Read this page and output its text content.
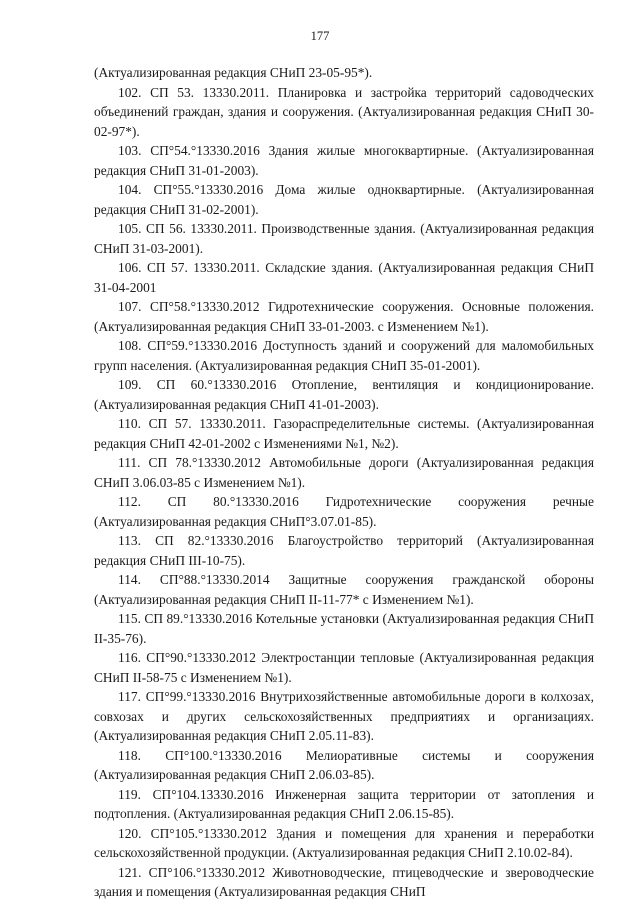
177

(Актуализированная редакция СНиП 23-05-95*).

102. СП 53. 13330.2011. Планировка и застройка территорий садоводческих объединений граждан, здания и сооружения. (Актуализированная редакция СНиП 30-02-97*).

103. СП°54.°13330.2016 Здания жилые многоквартирные. (Актуализированная редакция СНиП 31-01-2003).

104. СП°55.°13330.2016 Дома жилые одноквартирные. (Актуализированная редакция СНиП 31-02-2001).

105. СП 56. 13330.2011. Производственные здания. (Актуализированная редакция СНиП 31-03-2001).

106. СП 57. 13330.2011. Складские здания. (Актуализированная редакция СНиП 31-04-2001

107. СП°58.°13330.2012 Гидротехнические сооружения. Основные положения. (Актуализированная редакция СНиП 33-01-2003. с Изменением №1).

108. СП°59.°13330.2016 Доступность зданий и сооружений для маломобильных групп населения. (Актуализированная редакция СНиП 35-01-2001).

109. СП 60.°13330.2016 Отопление, вентиляция и кондиционирование. (Актуализированная редакция СНиП 41-01-2003).

110. СП 57. 13330.2011. Газораспределительные системы. (Актуализированная редакция СНиП 42-01-2002 с Изменениями №1, №2).

111. СП 78.°13330.2012 Автомобильные дороги (Актуализированная редакция СНиП 3.06.03-85 с Изменением №1).

112. СП 80.°13330.2016 Гидротехнические сооружения речные (Актуализированная редакция СНиП°3.07.01-85).

113. СП 82.°13330.2016 Благоустройство территорий (Актуализированная редакция СНиП III-10-75).

114. СП°88.°13330.2014 Защитные сооружения гражданской обороны (Актуализированная редакция СНиП II-11-77* с Изменением №1).

115. СП 89.°13330.2016 Котельные установки (Актуализированная редакция СНиП II-35-76).

116. СП°90.°13330.2012 Электростанции тепловые (Актуализированная редакция СНиП II-58-75 с Изменением №1).

117. СП°99.°13330.2016 Внутрихозяйственные автомобильные дороги в колхозах, совхозах и других сельскохозяйственных предприятиях и организациях. (Актуализированная редакция СНиП 2.05.11-83).

118. СП°100.°13330.2016 Мелиоративные системы и сооружения (Актуализированная редакция СНиП 2.06.03-85).

119. СП°104.13330.2016 Инженерная защита территории от затопления и подтопления. (Актуализированная редакция СНиП 2.06.15-85).

120. СП°105.°13330.2012 Здания и помещения для хранения и переработки сельскохозяйственной продукции. (Актуализированная редакция СНиП 2.10.02-84).

121. СП°106.°13330.2012 Животноводческие, птицеводческие и звероводческие здания и помещения (Актуализированная редакция СНиП
